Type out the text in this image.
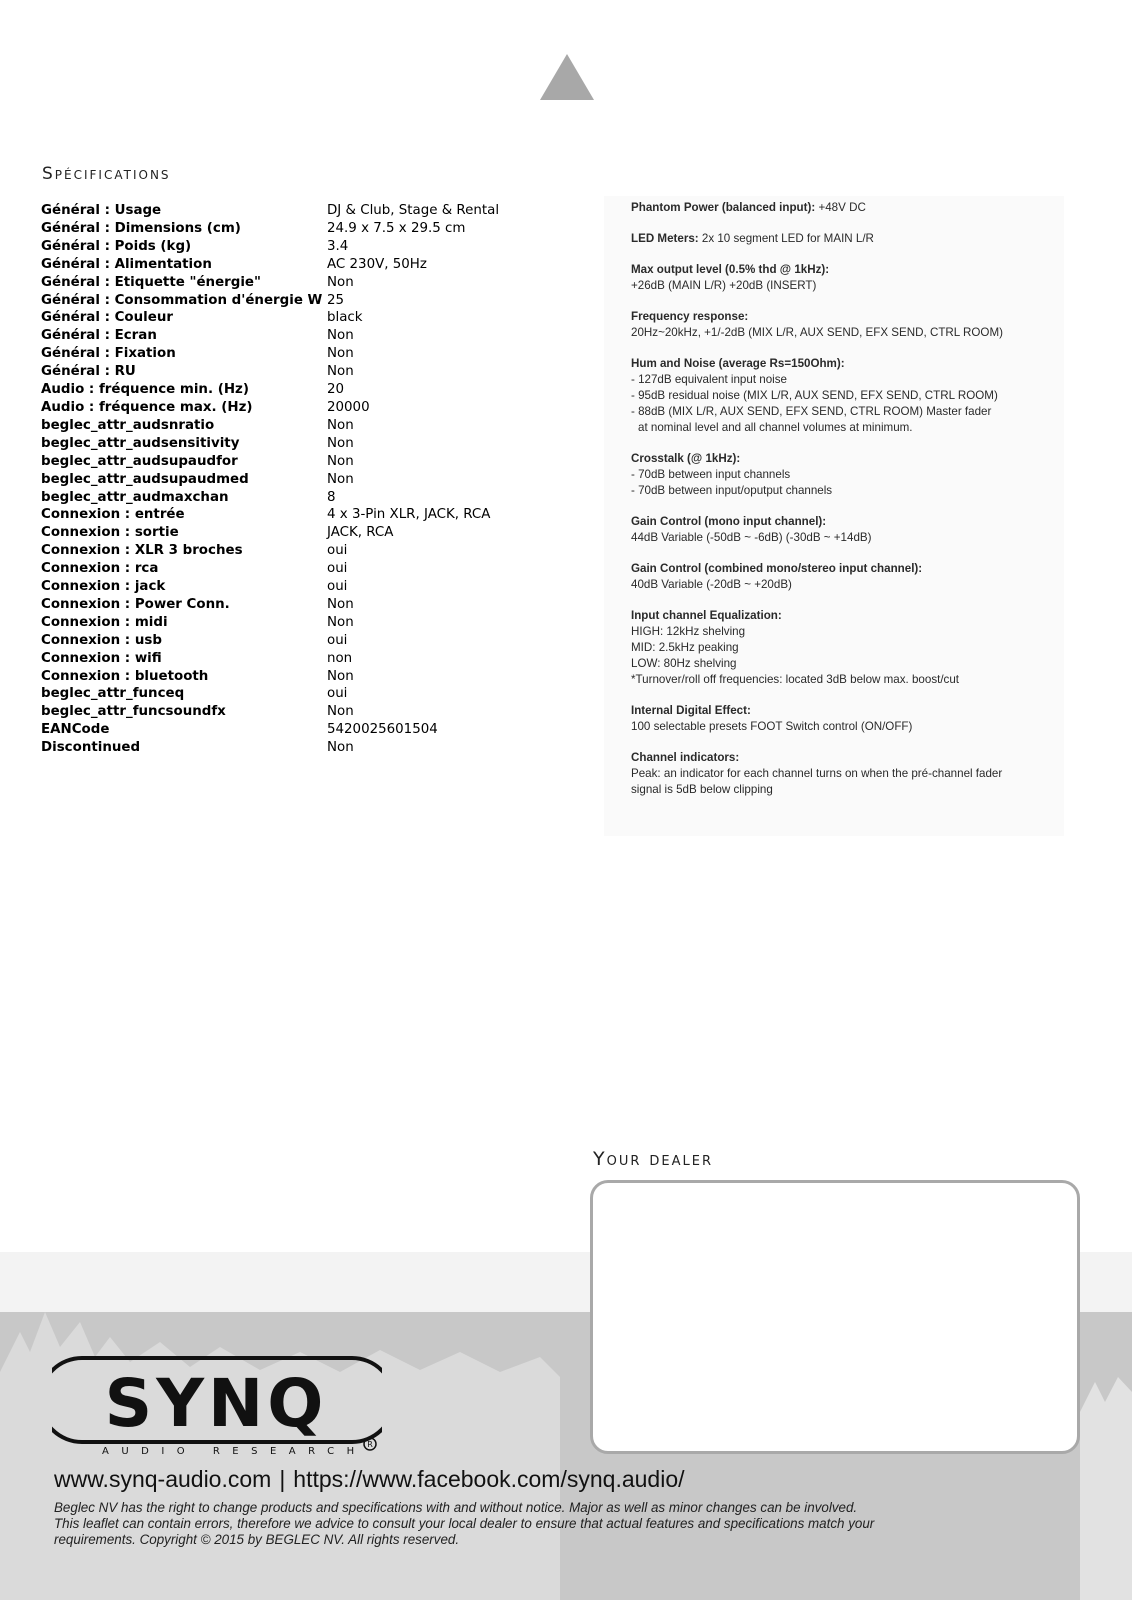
Spécifications
Général : Usage	DJ & Club, Stage & Rental
Général : Dimensions (cm)	24.9 x 7.5 x 29.5 cm
Général : Poids (kg)	3.4
Général : Alimentation	AC 230V, 50Hz
Général : Etiquette "énergie"	Non
Général : Consommation d'énergie W	25
Général : Couleur	black
Général : Ecran	Non
Général : Fixation	Non
Général : RU	Non
Audio : fréquence min. (Hz)	20
Audio : fréquence max. (Hz)	20000
beglec_attr_audsnratio	Non
beglec_attr_audsensitivity	Non
beglec_attr_audsupaudfor	Non
beglec_attr_audsupaudmed	Non
beglec_attr_audmaxchan	8
Connexion : entrée	4 x 3-Pin XLR, JACK, RCA
Connexion : sortie	JACK, RCA
Connexion : XLR 3 broches	oui
Connexion : rca	oui
Connexion : jack	oui
Connexion : Power Conn.	Non
Connexion : midi	Non
Connexion : usb	oui
Connexion : wifi	non
Connexion : bluetooth	Non
beglec_attr_funceq	oui
beglec_attr_funcsoundfx	Non
EANCode	5420025601504
Discontinued	Non
Phantom Power (balanced input): +48V DC
LED Meters: 2x 10 segment LED for MAIN L/R
Max output level (0.5% thd @ 1kHz):
+26dB (MAIN L/R) +20dB (INSERT)
Frequency response:
20Hz~20kHz, +1/-2dB (MIX L/R, AUX SEND, EFX SEND, CTRL ROOM)
Hum and Noise (average Rs=150Ohm):
- 127dB equivalent input noise
- 95dB residual noise (MIX L/R, AUX SEND, EFX SEND, CTRL ROOM)
- 88dB (MIX L/R, AUX SEND, EFX SEND, CTRL ROOM) Master fader
at nominal level and all channel volumes at minimum.
Crosstalk (@ 1kHz):
- 70dB between input channels
- 70dB between input/oputput channels
Gain Control (mono input channel):
44dB Variable (-50dB ~ -6dB) (-30dB ~ +14dB)
Gain Control (combined mono/stereo input channel):
40dB Variable (-20dB ~ +20dB)
Input channel Equalization:
HIGH: 12kHz shelving
MID: 2.5kHz peaking
LOW: 80Hz shelving
*Turnover/roll off frequencies: located 3dB below max. boost/cut
Internal Digital Effect:
100 selectable presets FOOT Switch control (ON/OFF)
Channel indicators:
Peak: an indicator for each channel turns on when the pré-channel fader
signal is 5dB below clipping
Your dealer
SYNQ
R
AUDIO RESEARCH
www.synq-audio.com | https://www.facebook.com/synq.audio/
Beglec NV has the right to change products and specifications with and without notice. Major as well as minor changes can be involved.
This leaflet can contain errors, therefore we advice to consult your local dealer to ensure that actual features and specifications match your
requirements. Copyright © 2015 by BEGLEC NV. All rights reserved.
